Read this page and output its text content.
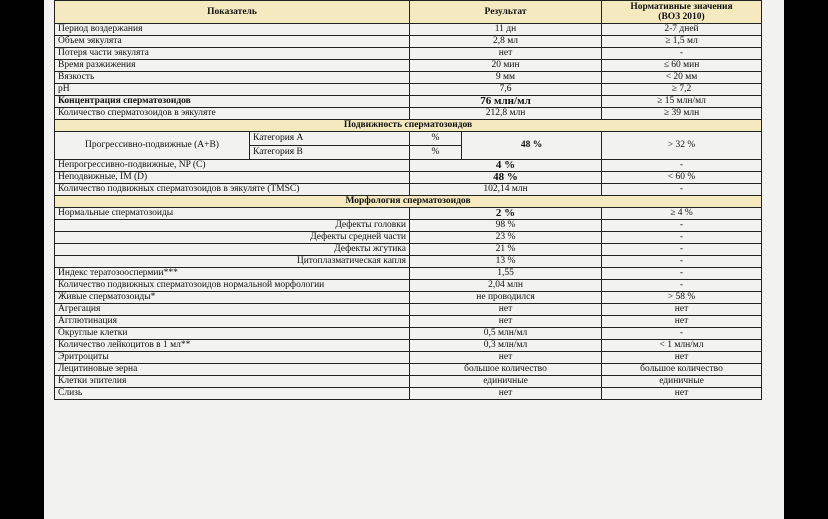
Показатель		Результат		Нормативные значения
(ВОЗ 2010)

Период воздержания		11 дн		2-7 дней
Объем эякулята		2,8 мл		≥ 1,5 мл
Потеря части эякулята		нет		-
Время разжижения		20 мин		≤ 60 мин
Вязкость		9 мм		< 20 мм
pH		7,6		≥ 7,2
Концентрация сперматозоидов		76 млн/мл		≥ 15 млн/мл
Количество сперматозоидов в эякуляте		212,8 млн		≥ 39 млн
Подвижность сперматозоидов				
Прогрессивно-подвижные (A+B)	Категория A	%	48 %	> 32 %
	Категория B	%		
Непрогрессивно-подвижные, NP (C)		4 %		-
Неподвижные, IM (D)		48 %		< 60 %
Количество подвижных сперматозоидов в эякуляте (TMSC)		102,14 млн		-
Морфология сперматозоидов				
Нормальные сперматозоиды		2 %		≥ 4 %
Дефекты головки		98 %		-
Дефекты средней части		23 %		-
Дефекты жгутика		21 %		-
Цитоплазматическая капля		13 %		-
Индекс тератозооспермии***		1,55		-
Количество подвижных сперматозоидов нормальной морфологии		2,04 млн		-
Живые сперматозоиды*		не проводился		> 58 %
Агрегация		нет		нет
Агглютинация		нет		нет
Округлые клетки		0,5 млн/мл		-
Количество лейкоцитов в 1 мл**		0,3 млн/мл		< 1 млн/мл
Эритроциты		нет		нет
Лецитиновые зерна		большое количество		большое количество
Клетки эпителия		единичные		единичные
Слизь		нет		нет
